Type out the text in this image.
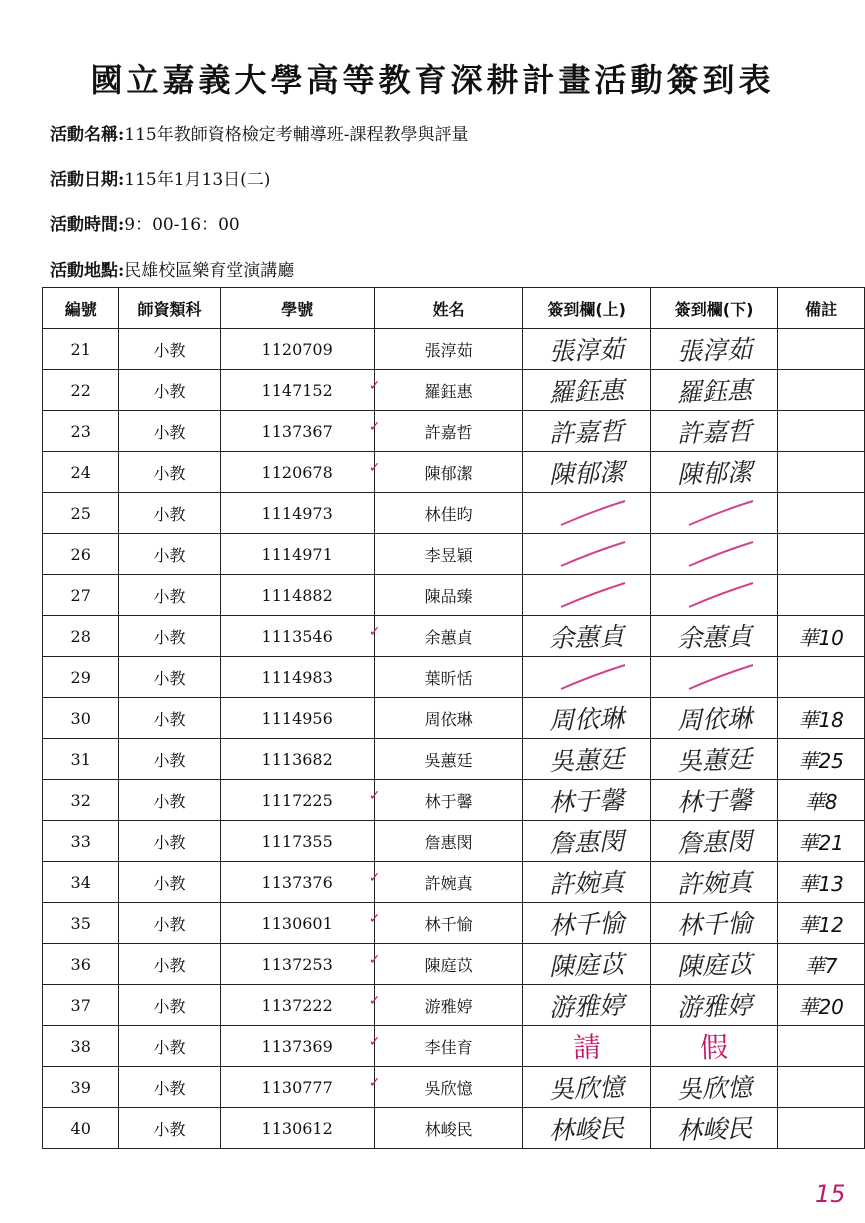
國立嘉義大學高等教育深耕計畫活動簽到表
活動名稱:115年教師資格檢定考輔導班-課程教學與評量
活動日期:115年1月13日(二)
活動時間:9：00-16：00
活動地點:民雄校區樂育堂演講廳
編號	師資類科	學號	姓名	簽到欄(上)	簽到欄(下)	備註
21	小教	1120709	張淳茹	張淳茹	張淳茹	
22	小教	1147152	✓ 羅鈺惠	羅鈺惠	羅鈺惠	
23	小教	1137367	✓ 許嘉哲	許嘉哲	許嘉哲	
24	小教	1120678	✓ 陳郁潔	陳郁潔	陳郁潔	
25	小教	1114973	林佳昀	

26	小教	1114971	李昱穎	

27	小教	1114882	陳品臻	

28	小教	1113546	✓ 余蕙貞	余蕙貞	余蕙貞	華10
29	小教	1114983	葉昕恬	

30	小教	1114956	周依琳	周依琳	周依琳	華18
31	小教	1113682	吳蕙廷	吳蕙廷	吳蕙廷	華25
32	小教	1117225	✓ 林于馨	林于馨	林于馨	華8
33	小教	1117355	詹惠閔	詹惠閔	詹惠閔	華21
34	小教	1137376	✓ 許婉真	許婉真	許婉真	華13
35	小教	1130601	✓ 林千愉	林千愉	林千愉	華12
36	小教	1137253	✓ 陳庭苡	陳庭苡	陳庭苡	華7
37	小教	1137222	✓ 游雅婷	游雅婷	游雅婷	華20
38	小教	1137369	✓ 李佳育	請	假	
39	小教	1130777	✓ 吳欣憶	吳欣憶	吳欣憶	
40	小教	1130612	林峻民	林峻民	林峻民	
15
